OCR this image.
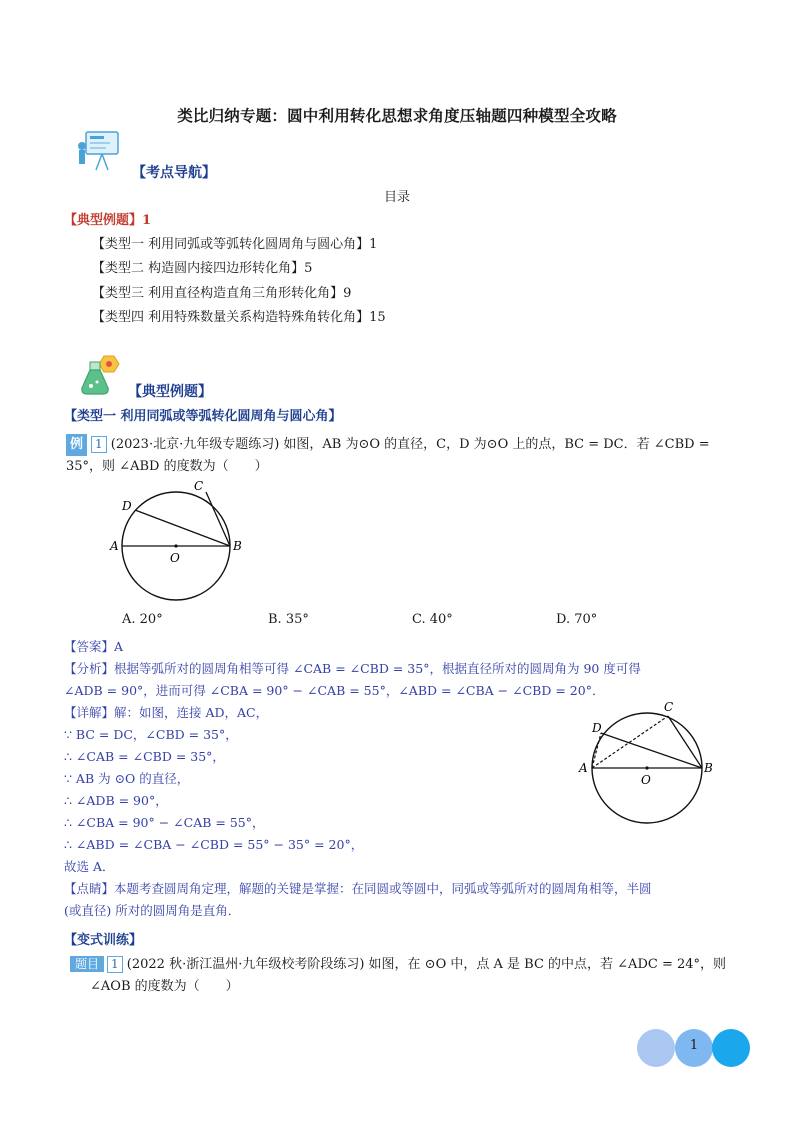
类比归纳专题：圆中利用转化思想求角度压轴题四种模型全攻略
【考点导航】
目录
【典型例题】1
【类型一 利用同弧或等弧转化圆周角与圆心角】1
【类型二 构造圆内接四边形转化角】5
【类型三 利用直径构造直角三角形转化角】9
【类型四 利用特殊数量关系构造特殊角转化角】15
【典型例题】
【类型一 利用同弧或等弧转化圆周角与圆心角】
例 1 (2023·北京·九年级专题练习) 如图，AB 为⊙O 的直径，C，D 为⊙O 上的点，BC = DC．若 ∠CBD =
35°，则 ∠ABD 的度数为（　　）
A	B
C
D
O
A. 20°	B. 35°	C. 40°	D. 70°
【答案】A
【分析】根据等弧所对的圆周角相等可得 ∠CAB = ∠CBD = 35°，根据直径所对的圆周角为 90 度可得
∠ADB = 90°，进而可得 ∠CBA = 90° − ∠CAB = 55°，∠ABD = ∠CBA − ∠CBD = 20°．
【详解】解：如图，连接 AD，AC，
∵ BC = DC，∠CBD = 35°，
∴ ∠CAB = ∠CBD = 35°，
∵ AB 为 ⊙O 的直径，
∴ ∠ADB = 90°，
∴ ∠CBA = 90° − ∠CAB = 55°，
∴ ∠ABD = ∠CBA − ∠CBD = 55° − 35° = 20°，
故选 A．
【点睛】本题考查圆周角定理，解题的关键是掌握：在同圆或等圆中，同弧或等弧所对的圆周角相等，半圆
(或直径) 所对的圆周角是直角．
A	B
C
D
O
【变式训练】
题目 1 (2022 秋·浙江温州·九年级校考阶段练习) 如图，在 ⊙O 中，点 A 是 BC 的中点，若 ∠ADC = 24°，则
∠AOB 的度数为（　　）
1
